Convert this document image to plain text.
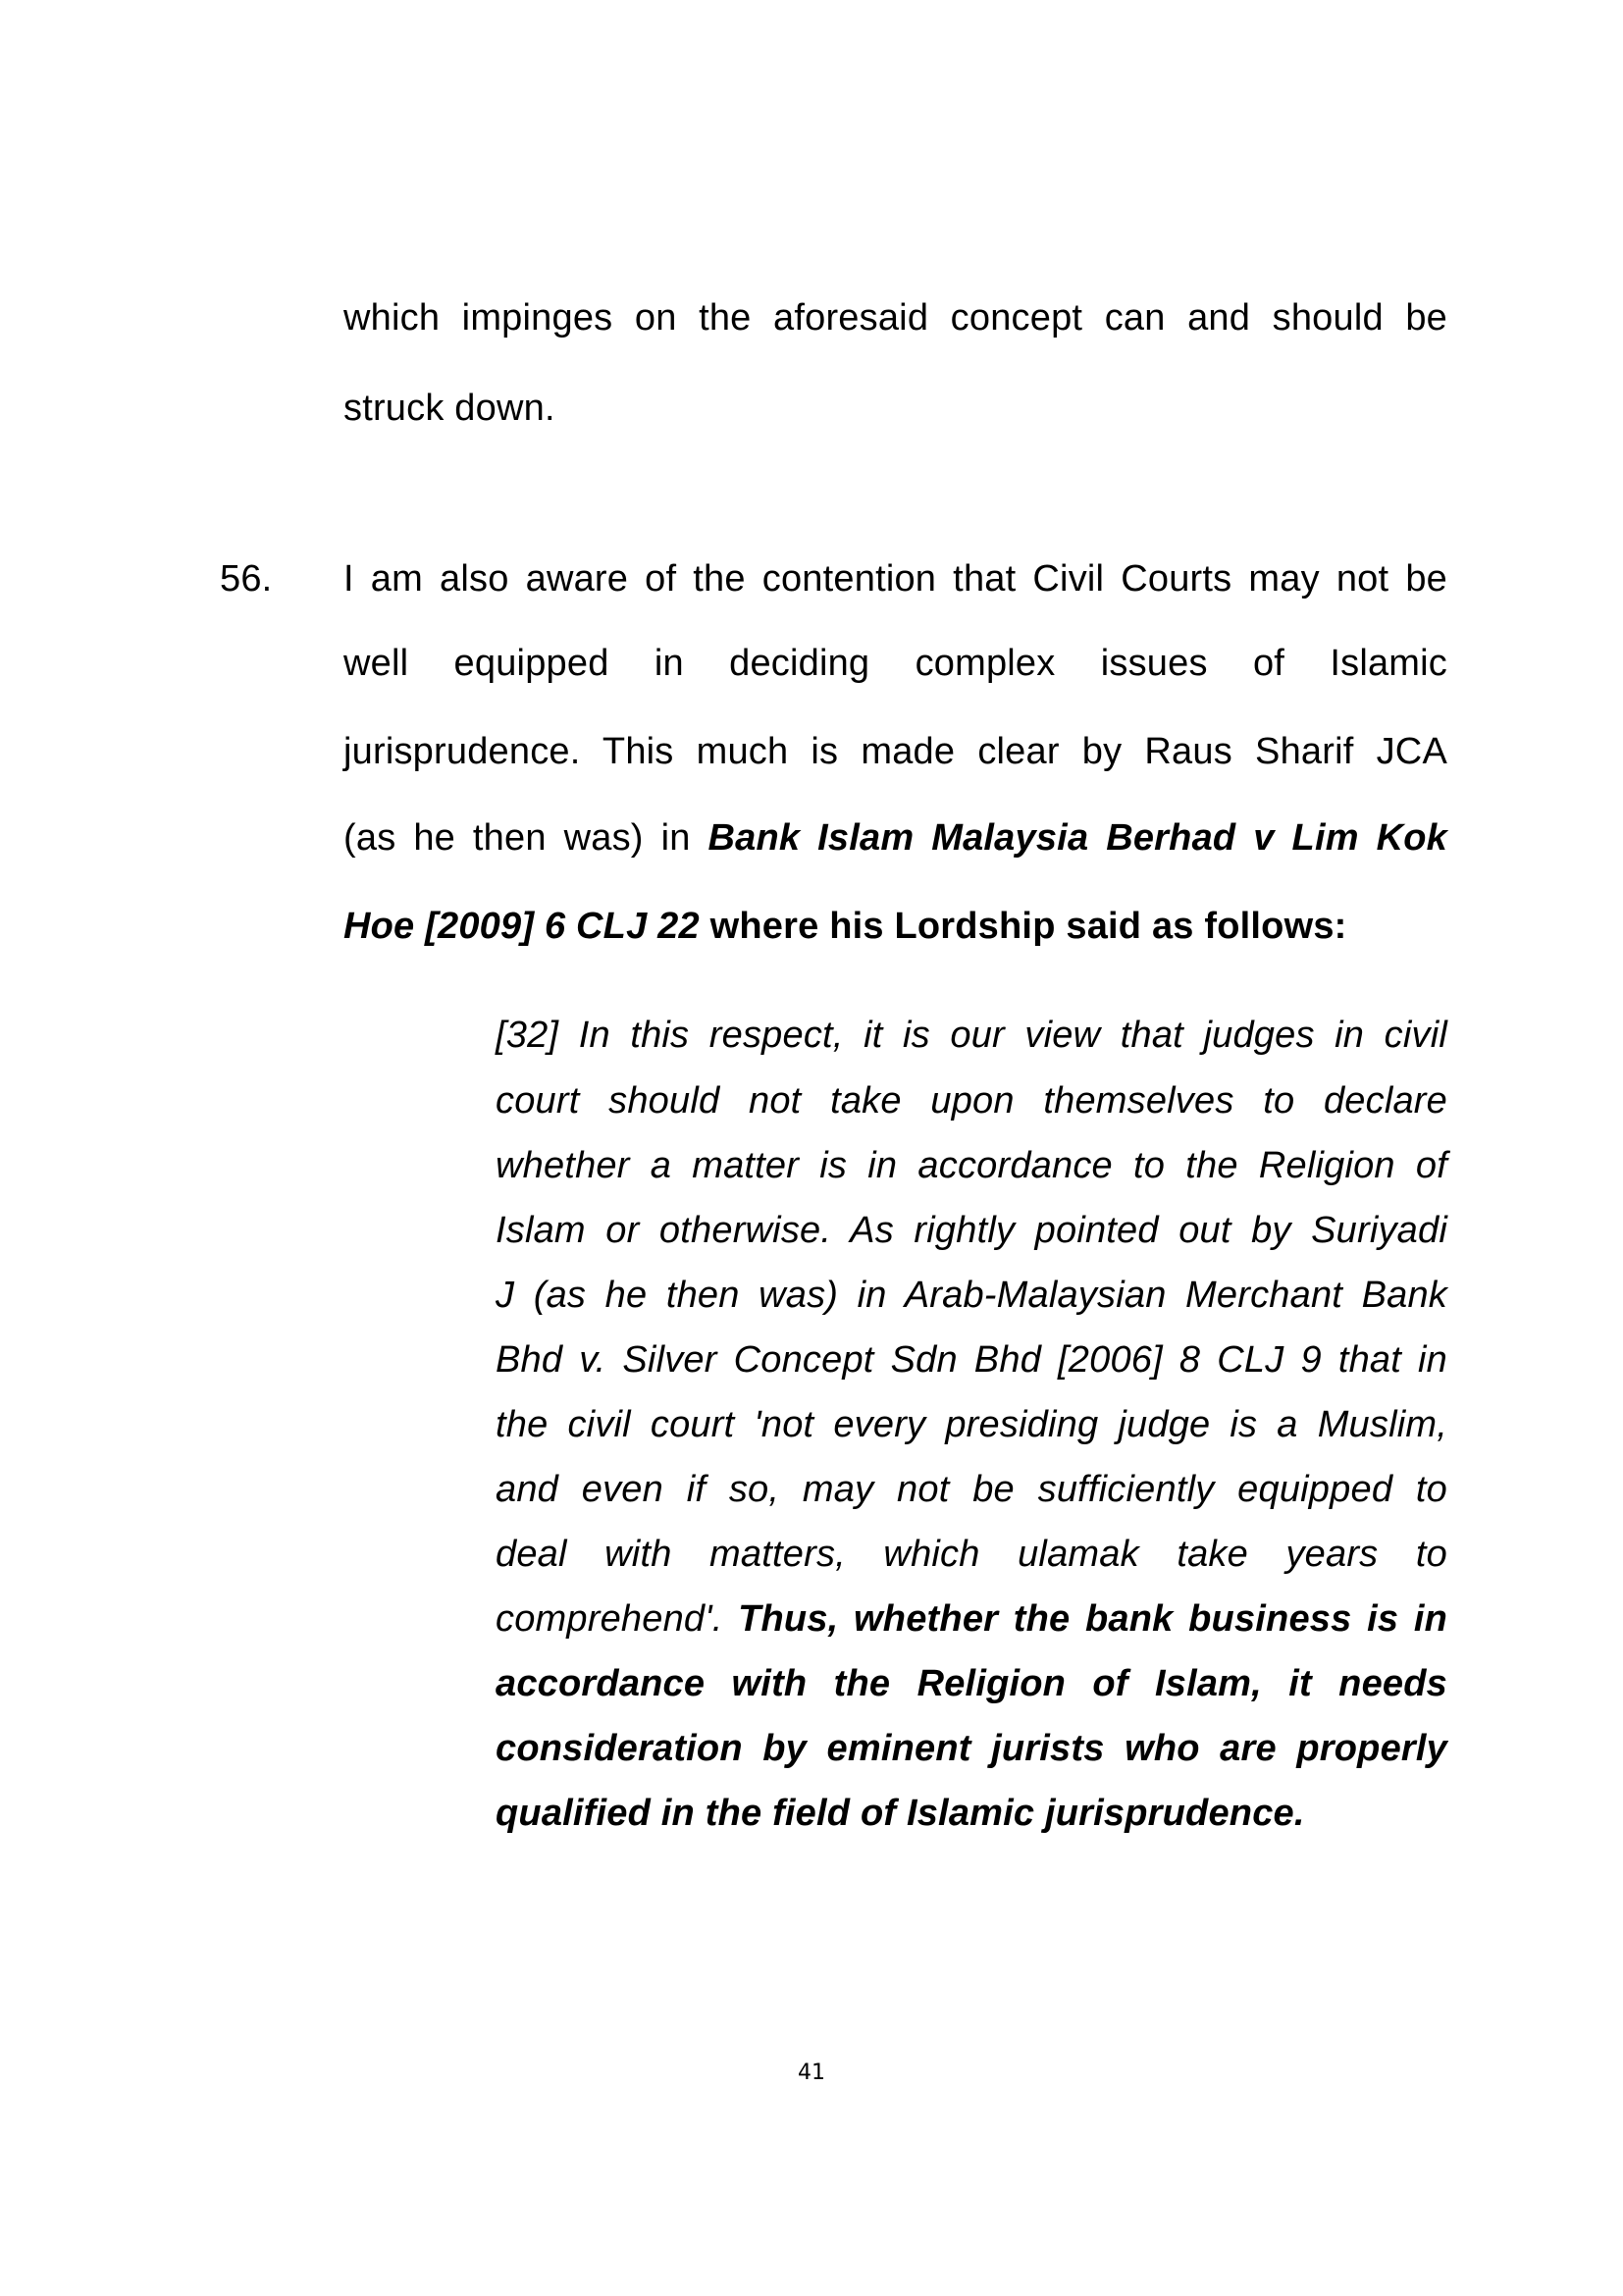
which impinges on the aforesaid concept can and should be
struck down.
56. I am also aware of the contention that Civil Courts may not be
well equipped in deciding complex issues of Islamic
jurisprudence. This much is made clear by Raus Sharif JCA
(as he then was) in Bank Islam Malaysia Berhad v Lim Kok
Hoe [2009] 6 CLJ 22 where his Lordship said as follows:
[32] In this respect, it is our view that judges in civil
court should not take upon themselves to declare
whether a matter is in accordance to the Religion of
Islam or otherwise. As rightly pointed out by Suriyadi
J (as he then was) in Arab-Malaysian Merchant Bank
Bhd v. Silver Concept Sdn Bhd [2006] 8 CLJ 9 that in
the civil court 'not every presiding judge is a Muslim,
and even if so, may not be sufficiently equipped to
deal with matters, which ulamak take years to
comprehend'. Thus, whether the bank business is in
accordance with the Religion of Islam, it needs
consideration by eminent jurists who are properly
qualified in the field of Islamic jurisprudence.
41
